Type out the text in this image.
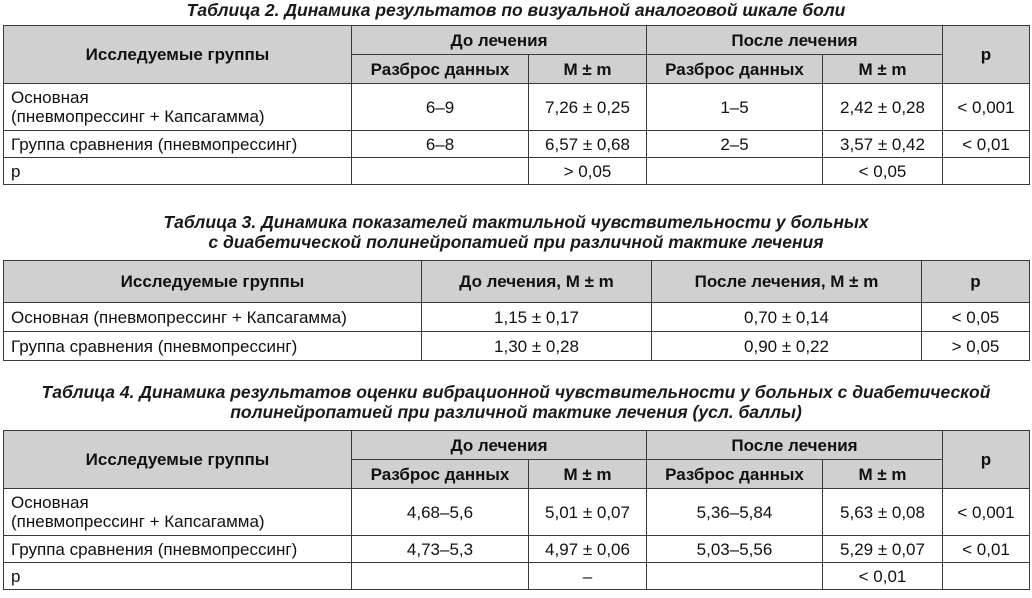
Таблица 2. Динамика результатов по визуальной аналоговой шкале боли
Исследуемые группы	До лечения		После лечения		p
	Разброс данных	M ± m	Разброс данных	M ± m	
Основная
(пневмопрессинг + Капсагамма)	6–9	7,26 ± 0,25	1–5	2,42 ± 0,28	< 0,001
Группа сравнения (пневмопрессинг)	6–8	6,57 ± 0,68	2–5	3,57 ± 0,42	< 0,01
p		> 0,05		< 0,05	
Таблица 3. Динамика показателей тактильной чувствительности у больных
с диабетической полинейропатией при различной тактике лечения
Исследуемые группы	До лечения, M ± m	После лечения, M ± m	p
Основная (пневмопрессинг + Капсагамма)	1,15 ± 0,17	0,70 ± 0,14	< 0,05
Группа сравнения (пневмопрессинг)	1,30 ± 0,28	0,90 ± 0,22	> 0,05
Таблица 4. Динамика результатов оценки вибрационной чувствительности у больных с диабетической
полинейропатией при различной тактике лечения (усл. баллы)
Исследуемые группы	До лечения		После лечения		p
	Разброс данных	M ± m	Разброс данных	M ± m	
Основная
(пневмопрессинг + Капсагамма)	4,68–5,6	5,01 ± 0,07	5,36–5,84	5,63 ± 0,08	< 0,001
Группа сравнения (пневмопрессинг)	4,73–5,3	4,97 ± 0,06	5,03–5,56	5,29 ± 0,07	< 0,01
p		–		< 0,01	
